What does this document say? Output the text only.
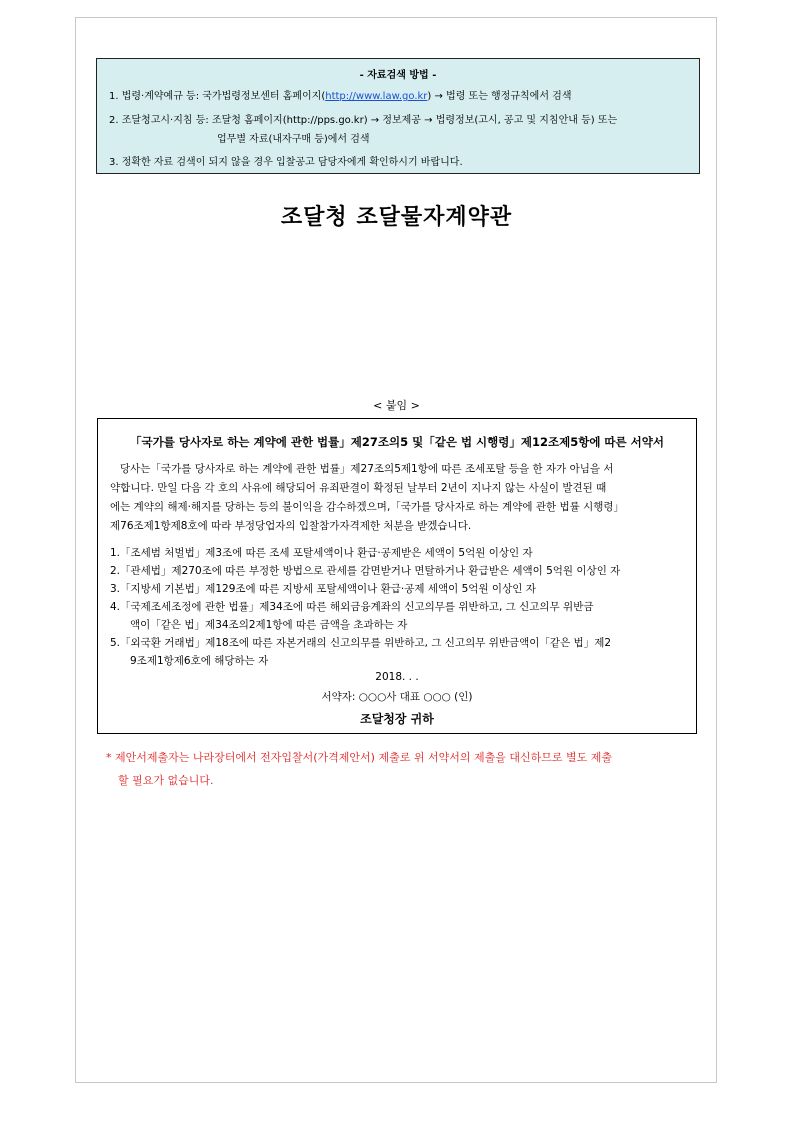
- 자료검색 방법 -
1. 법령·계약예규 등: 국가법령정보센터 홈페이지(http://www.law.go.kr) → 법령 또는 행정규칙에서 검색
2. 조달청고시·지침 등: 조달청 홈페이지(http://pps.go.kr) → 정보제공 → 법령정보(고시, 공고 및 지침안내 등) 또는
업무별 자료(내자구매 등)에서 검색
3. 정확한 자료 검색이 되지 않을 경우 입찰공고 담당자에게 확인하시기 바랍니다.
조달청 조달물자계약관
< 붙임 >
「국가를 당사자로 하는 계약에 관한 법률」제27조의5 및「같은 법 시행령」제12조제5항에 따른 서약서
당사는「국가를 당사자로 하는 계약에 관한 법률」제27조의5제1항에 따른 조세포탈 등을 한 자가 아님을 서
약합니다. 만일 다음 각 호의 사유에 해당되어 유죄판결이 확정된 날부터 2년이 지나지 않는 사실이 발견된 때
에는 계약의 해제·해지를 당하는 등의 불이익을 감수하겠으며,「국가를 당사자로 하는 계약에 관한 법률 시행령」
제76조제1항제8호에 따라 부정당업자의 입찰참가자격제한 처분을 받겠습니다.
1.「조세범 처벌법」제3조에 따른 조세 포탈세액이나 환급·공제받은 세액이 5억원 이상인 자
2.「관세법」제270조에 따른 부정한 방법으로 관세를 감면받거나 면탈하거나 환급받은 세액이 5억원 이상인 자
3.「지방세 기본법」제129조에 따른 지방세 포탈세액이나 환급·공제 세액이 5억원 이상인 자
4.「국제조세조정에 관한 법률」제34조에 따른 해외금융계좌의 신고의무를 위반하고, 그 신고의무 위반금
액이「같은 법」제34조의2제1항에 따른 금액을 초과하는 자
5.「외국환 거래법」제18조에 따른 자본거래의 신고의무를 위반하고, 그 신고의무 위반금액이「같은 법」제2
9조제1항제6호에 해당하는 자
2018. . .
서약자: ○○○사 대표 ○○○ (인)
조달청장 귀하
* 제안서제출자는 나라장터에서 전자입찰서(가격제안서) 제출로 위 서약서의 제출을 대신하므로 별도 제출
할 필요가 없습니다.
